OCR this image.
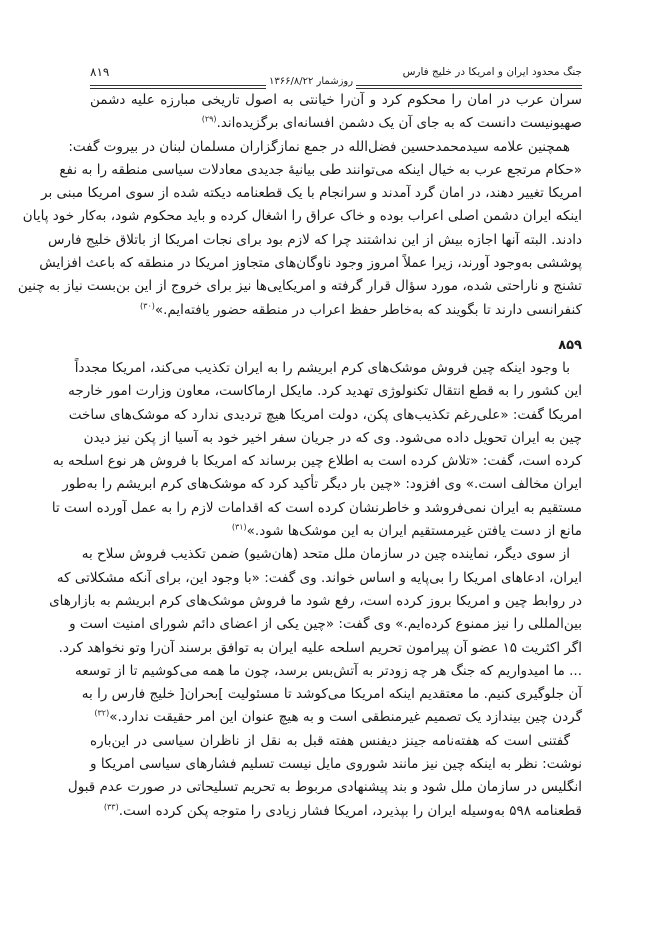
جنگ محدود ایران و امریکا در خلیج فارس
۸۱۹
روزشمار ۱۳۶۶/۸/۲۲
سران عرب در امان را محکوم کرد و آن‌را خیانتی به اصول تاریخی مبارزه علیه دشمن
صهیونیست دانست که به جای آن یک دشمن افسانه‌ای برگزیده‌اند.$^{(۲۹)}$
همچنین علامه سیدمحمدحسین فضل‌الله در جمع نمازگزاران مسلمان لبنان در بیروت گفت:
«حکام مرتجع عرب به خیال اینکه می‌توانند طی بیانیهٔ جدیدی معادلات سیاسی منطقه را به نفع
امریکا تغییر دهند، در امان گرد آمدند و سرانجام با یک قطعنامه دیکته شده از سوی امریکا مبنی بر
اینکه ایران دشمن اصلی اعراب بوده و خاک عراق را اشغال کرده و باید محکوم شود، به‌کار خود پایان
دادند. البته آنها اجازه بیش از این نداشتند چرا که لازم بود برای نجات امریکا از باتلاق خلیج فارس
پوششی به‌وجود آورند، زیرا عملاً امروز وجود ناوگان‌های متجاوز امریکا در منطقه که باعث افزایش
تشنج و ناراحتی شده، مورد سؤال قرار گرفته و امریکایی‌ها نیز برای خروج از این بن‌بست نیاز به چنین
کنفرانسی دارند تا بگویند که به‌خاطر حفظ اعراب در منطقه حضور یافته‌ایم.»$^{(۳۰)}$
۸۵۹
با وجود اینکه چین فروش موشک‌های کرم ابریشم را به ایران تکذیب می‌کند، امریکا مجدداً
این کشور را به قطع انتقال تکنولوژی تهدید کرد. مایکل ارماکاست، معاون وزارت امور خارجه
امریکا گفت: «علی‌رغم تکذیب‌های پکن، دولت امریکا هیچ تردیدی ندارد که موشک‌های ساخت
چین به ایران تحویل داده می‌شود. وی که در جریان سفر اخیر خود به آسیا از پکن نیز دیدن
کرده است، گفت: «تلاش کرده است به اطلاع چین برساند که امریکا با فروش هر نوع اسلحه به
ایران مخالف است.» وی افزود: «چین بار دیگر تأکید کرد که موشک‌های کرم ابریشم را به‌طور
مستقیم به ایران نمی‌فروشد و خاطرنشان کرده است که اقدامات لازم را به عمل آورده است تا
مانع از دست یافتن غیرمستقیم ایران به این موشک‌ها شود.»$^{(۳۱)}$
از سوی دیگر، نماینده چین در سازمان ملل متحد (هان‌شیو) ضمن تکذیب فروش سلاح به
ایران، ادعاهای امریکا را بی‌پایه و اساس خواند. وی گفت: «با وجود این، برای آنکه مشکلاتی که
در روابط چین و امریکا بروز کرده است، رفع شود ما فروش موشک‌های کرم ابریشم به بازارهای
بین‌المللی را نیز ممنوع کرده‌ایم.» وی گفت: «چین یکی از اعضای دائم شورای امنیت است و
اگر اکثریت ۱۵ عضو آن پیرامون تحریم اسلحه علیه ایران به توافق برسند آن‌را وتو نخواهد کرد.
... ما امیدواریم که جنگ هر چه زودتر به آتش‌بس برسد، چون ما همه می‌کوشیم تا از توسعه
آن جلوگیری کنیم. ما معتقدیم اینکه امریکا می‌کوشد تا مسئولیت ]بحران[ خلیج فارس را به
گردن چین بیندازد یک تصمیم غیرمنطقی است و به هیچ عنوان این امر حقیقت ندارد.»$^{(۳۲)}$
گفتنی است که هفته‌نامه جینز دیفنس هفته قبل به نقل از ناظران سیاسی در این‌باره
نوشت: نظر به اینکه چین نیز مانند شوروی مایل نیست تسلیم فشارهای سیاسی امریکا و
انگلیس در سازمان ملل شود و بند پیشنهادی مربوط به تحریم تسلیحاتی در صورت عدم قبول
قطعنامه ۵۹۸ به‌وسیله ایران را بپذیرد، امریکا فشار زیادی را متوجه پکن کرده است.$^{(۳۳)}$
